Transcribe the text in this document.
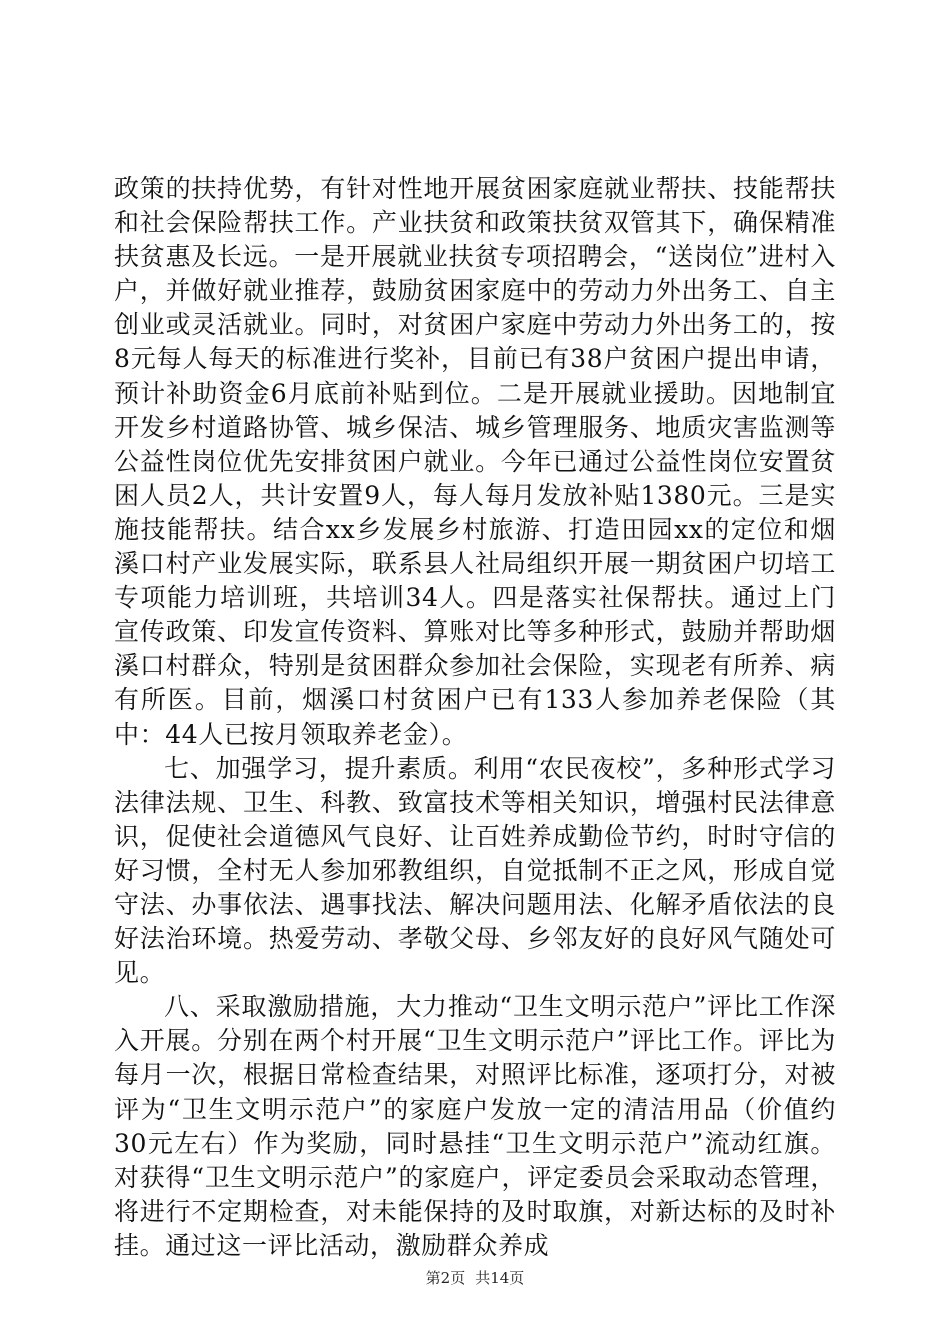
政策的扶持优势，有针对性地开展贫困家庭就业帮扶、技能帮扶和社会保险帮扶工作。产业扶贫和政策扶贫双管其下，确保精准扶贫惠及长远。一是开展就业扶贫专项招聘会，“送岗位”进村入户，并做好就业推荐，鼓励贫困家庭中的劳动力外出务工、自主创业或灵活就业。同时，对贫困户家庭中劳动力外出务工的，按8元每人每天的标准进行奖补，目前已有38户贫困户提出申请，预计补助资金6月底前补贴到位。二是开展就业援助。因地制宜开发乡村道路协管、城乡保洁、城乡管理服务、地质灾害监测等公益性岗位优先安排贫困户就业。今年已通过公益性岗位安置贫困人员2人，共计安置9人，每人每月发放补贴1380元。三是实施技能帮扶。结合xx乡发展乡村旅游、打造田园xx的定位和烟溪口村产业发展实际，联系县人社局组织开展一期贫困户切培工专项能力培训班，共培训34人。四是落实社保帮扶。通过上门宣传政策、印发宣传资料、算账对比等多种形式，鼓励并帮助烟溪口村群众，特别是贫困群众参加社会保险，实现老有所养、病有所医。目前，烟溪口村贫困户已有133人参加养老保险（其中：44人已按月领取养老金）。

七、加强学习，提升素质。利用“农民夜校”，多种形式学习法律法规、卫生、科教、致富技术等相关知识，增强村民法律意识，促使社会道德风气良好、让百姓养成勤俭节约，时时守信的好习惯，全村无人参加邪教组织，自觉抵制不正之风，形成自觉守法、办事依法、遇事找法、解决问题用法、化解矛盾依法的良好法治环境。热爱劳动、孝敬父母、乡邻友好的良好风气随处可见。

八、采取激励措施，大力推动“卫生文明示范户”评比工作深入开展。分别在两个村开展“卫生文明示范户”评比工作。评比为每月一次，根据日常检查结果，对照评比标准，逐项打分，对被评为“卫生文明示范户”的家庭户发放一定的清洁用品（价值约30元左右）作为奖励，同时悬挂“卫生文明示范户”流动红旗。对获得“卫生文明示范户”的家庭户，评定委员会采取动态管理，将进行不定期检查，对未能保持的及时取旗，对新达标的及时补挂。通过这一评比活动，激励群众养成

第2页 共14页
